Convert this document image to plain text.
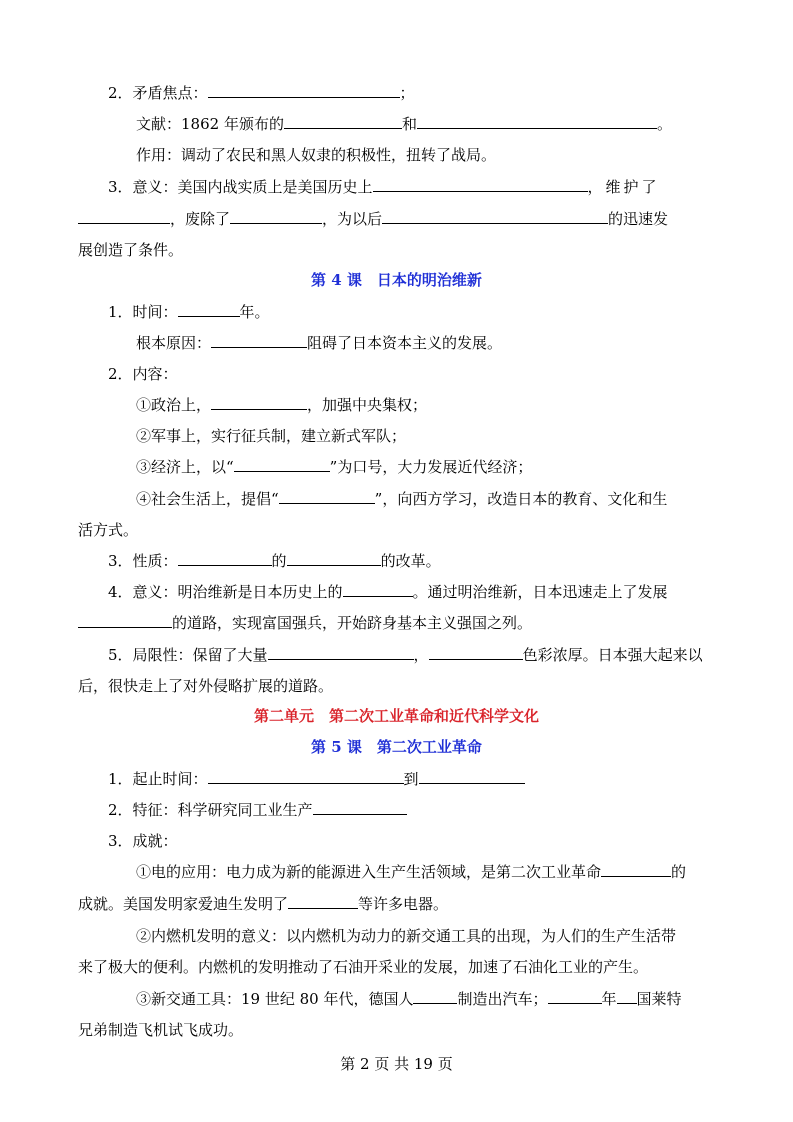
2．矛盾焦点：	；
文献：1862 年颁布的	和	。
作用：调动了农民和黑人奴隶的积极性，扭转了战局。
3．意义：美国内战实质上是美国历史上	，维护了
，废除了	，为以后	的迅速发
展创造了条件。
第 4 课　日本的明治维新
1．时间：	年。
根本原因：	阻碍了日本资本主义的发展。
2．内容：
①政治上，	，加强中央集权；
②军事上，实行征兵制，建立新式军队；
③经济上，以“	”为口号，大力发展近代经济；
④社会生活上，提倡“	”，向西方学习，改造日本的教育、文化和生
活方式。
3．性质：	的	的改革。
4．意义：明治维新是日本历史上的	。通过明治维新，日本迅速走上了发展
的道路，实现富国强兵，开始跻身基本主义强国之列。
5．局限性：保留了大量	，	色彩浓厚。日本强大起来以
后，很快走上了对外侵略扩展的道路。
第二单元　第二次工业革命和近代科学文化
第 5 课　第二次工业革命
1．起止时间：	到
2．特征：科学研究同工业生产
3．成就：
①电的应用：电力成为新的能源进入生产生活领域，是第二次工业革命	的
成就。美国发明家爱迪生发明了	等许多电器。
②内燃机发明的意义：以内燃机为动力的新交通工具的出现，为人们的生产生活带
来了极大的便利。内燃机的发明推动了石油开采业的发展，加速了石油化工业的产生。
③新交通工具：19 世纪 80 年代，德国人	制造出汽车；	年 国莱特
兄弟制造飞机试飞成功。
第 2 页 共 19 页
